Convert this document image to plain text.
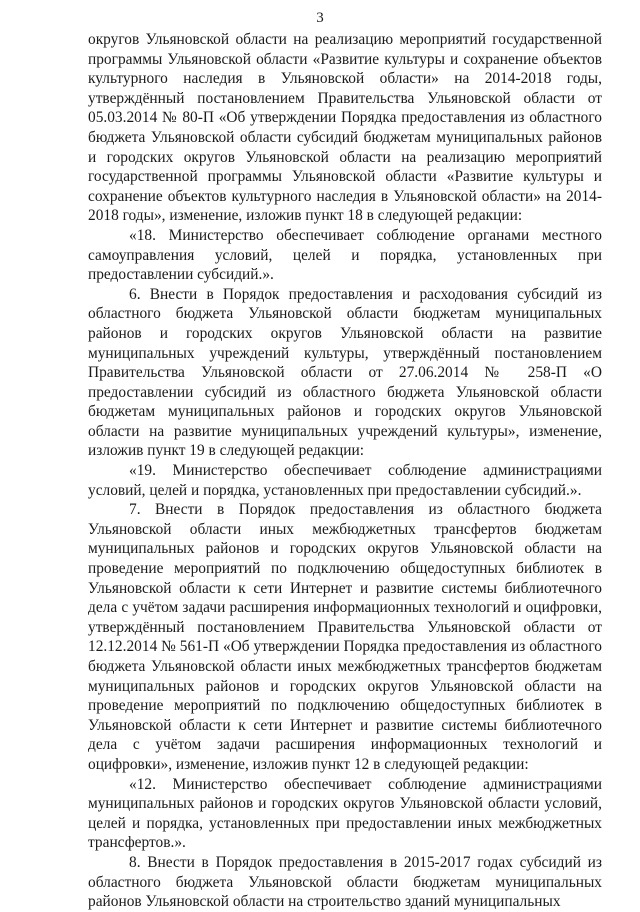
3

округов Ульяновской области на реализацию мероприятий государственной программы Ульяновской области «Развитие культуры и сохранение объектов культурного наследия в Ульяновской области» на 2014-2018 годы, утверждённый постановлением Правительства Ульяновской области от 05.03.2014 № 80-П «Об утверждении Порядка предоставления из областного бюджета Ульяновской области субсидий бюджетам муниципальных районов и городских округов Ульяновской области на реализацию мероприятий государственной программы Ульяновской области «Развитие культуры и сохранение объектов культурного наследия в Ульяновской области» на 2014-2018 годы», изменение, изложив пункт 18 в следующей редакции:

«18. Министерство обеспечивает соблюдение органами местного самоуправления условий, целей и порядка, установленных при предоставлении субсидий.».

6. Внести в Порядок предоставления и расходования субсидий из областного бюджета Ульяновской области бюджетам муниципальных районов и городских округов Ульяновской области на развитие муниципальных учреждений культуры, утверждённый постановлением Правительства Ульяновской области от 27.06.2014 № 258-П «О предоставлении субсидий из областного бюджета Ульяновской области бюджетам муниципальных районов и городских округов Ульяновской области на развитие муниципальных учреждений культуры», изменение, изложив пункт 19 в следующей редакции:

«19. Министерство обеспечивает соблюдение администрациями условий, целей и порядка, установленных при предоставлении субсидий.».

7. Внести в Порядок предоставления из областного бюджета Ульяновской области иных межбюджетных трансфертов бюджетам муниципальных районов и городских округов Ульяновской области на проведение мероприятий по подключению общедоступных библиотек в Ульяновской области к сети Интернет и развитие системы библиотечного дела с учётом задачи расширения информационных технологий и оцифровки, утверждённый постановлением Правительства Ульяновской области от 12.12.2014 № 561-П «Об утверждении Порядка предоставления из областного бюджета Ульяновской области иных межбюджетных трансфертов бюджетам муниципальных районов и городских округов Ульяновской области на проведение мероприятий по подключению общедоступных библиотек в Ульяновской области к сети Интернет и развитие системы библиотечного дела с учётом задачи расширения информационных технологий и оцифровки», изменение, изложив пункт 12 в следующей редакции:

«12. Министерство обеспечивает соблюдение администрациями муниципальных районов и городских округов Ульяновской области условий, целей и порядка, установленных при предоставлении иных межбюджетных трансфертов.».

8. Внести в Порядок предоставления в 2015-2017 годах субсидий из областного бюджета Ульяновской области бюджетам муниципальных районов Ульяновской области на строительство зданий муниципальных
